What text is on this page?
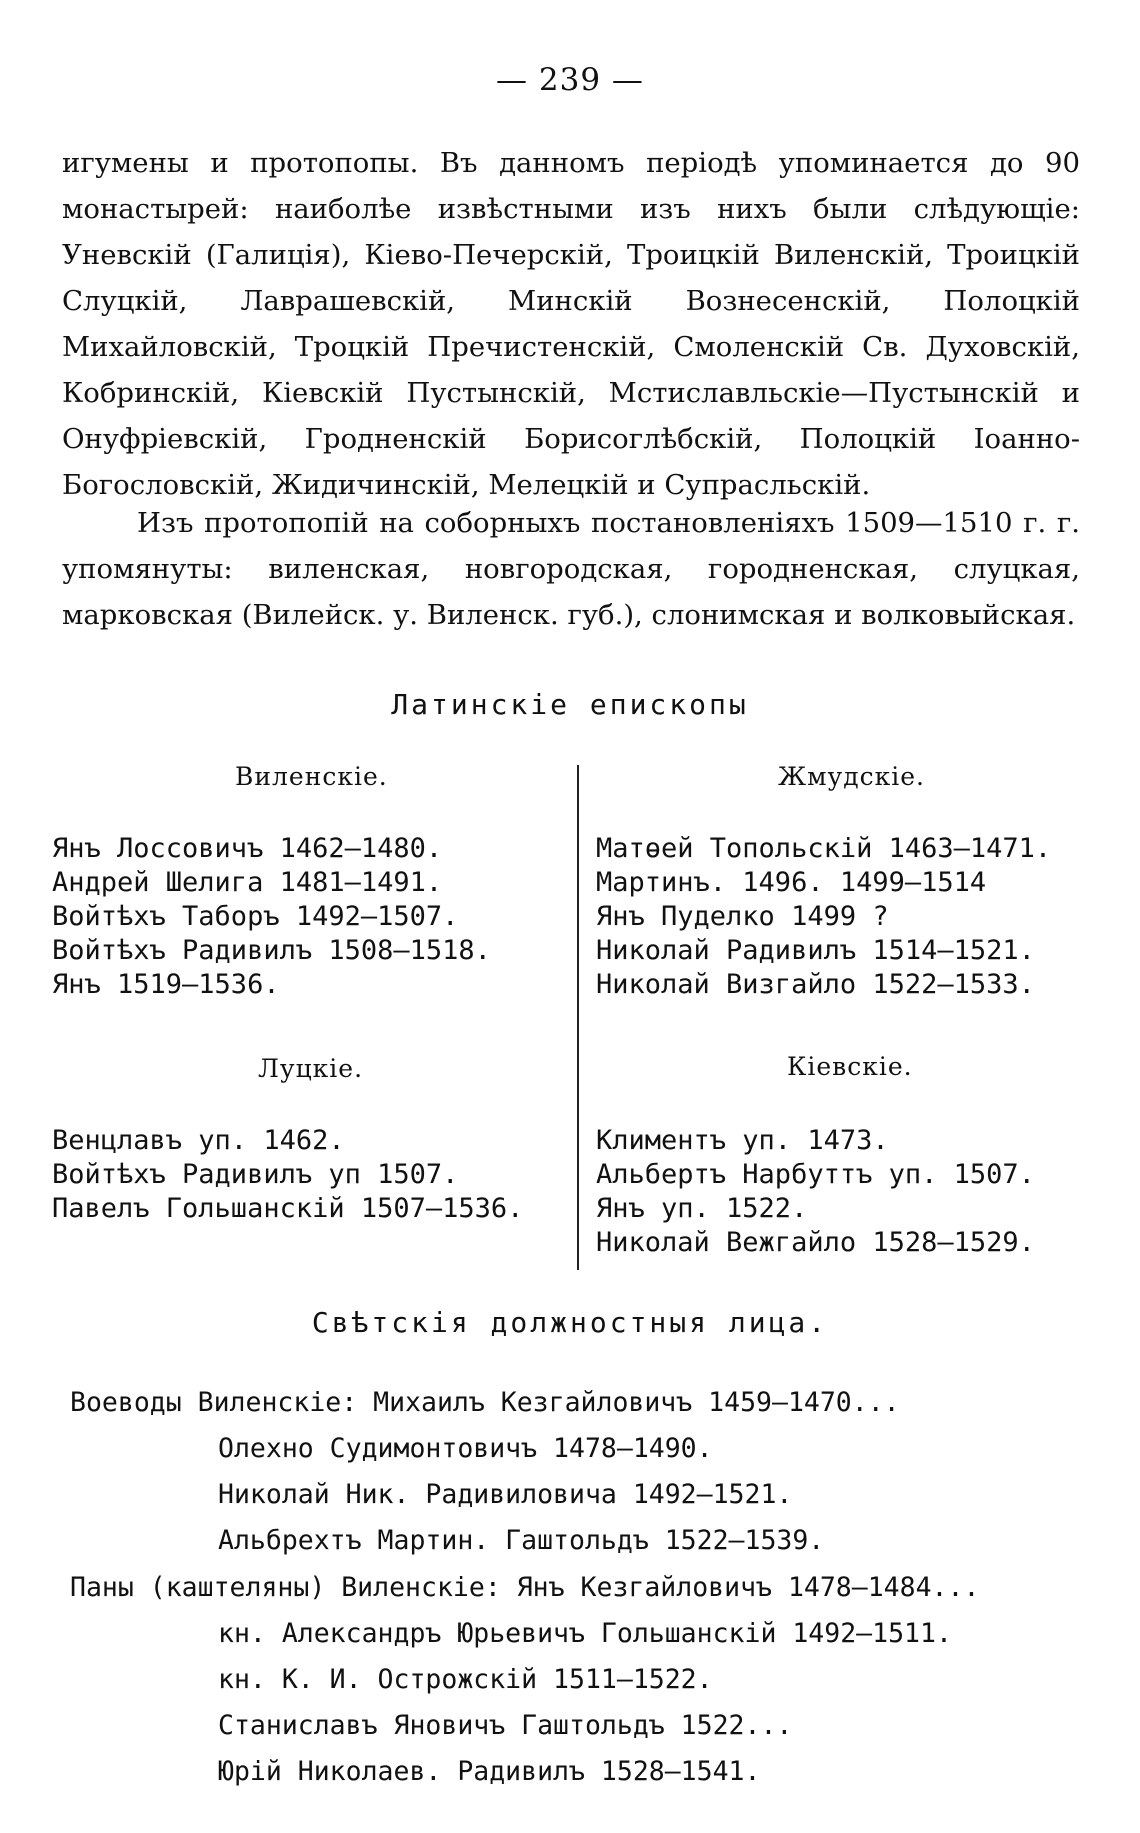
— 239 —

игумены и протопопы. Въ данномъ періодѣ упоминается до 90 монастырей: наиболѣе извѣстными изъ нихъ были слѣдующіе: Уневскій (Галиція), Кіево-Печерскій, Троицкій Виленскій, Троицкій Слуцкій, Лаврашевскій, Минскій Вознесенскій, Полоцкій Михайловскій, Троцкій Пречистенскій, Смоленскій Св. Духовскій, Кобринскій, Кіевскій Пустынскій, Мстиславльскіе—Пустынскій и Онуфріевскій, Гродненскій Борисоглѣбскій, Полоцкій Іоанно-Богословскій, Жидичинскій, Мелецкій и Супрасльскій.

Изъ протопопій на соборныхъ постановленіяхъ 1509—1510 г. г. упомянуты: виленская, новгородская, городненская, слуцкая, марковская (Вилейск. у. Виленск. губ.), слонимская и волковыйская.

Латинскіе епископы
Виленскіе.
Янъ Лоссовичъ 1462—1480.
Андрей Шелига 1481—1491.
Войтѣхъ Таборъ 1492—1507.
Войтѣхъ Радивилъ 1508—1518.
Янъ 1519—1536.
Луцкіе.
Венцлавъ уп. 1462.
Войтѣхъ Радивилъ уп 1507.
Павелъ Гольшанскій 1507—1536.
Жмудскіе.
Матѳей Топольскій 1463—1471.
Мартинъ. 1496. 1499—1514
Янъ Пуделко 1499 ?
Николай Радивилъ 1514—1521.
Николай Визгайло 1522—1533.
Кіевскіе.
Климентъ уп. 1473.
Альбертъ Нарбуттъ уп. 1507.
Янъ уп. 1522.
Николай Вежгайло 1528—1529.
Свѣтскія должностныя лица.
Воеводы Виленскіе: Михаилъ Кезгайловичъ 1459—1470...
Олехно Судимонтовичъ 1478—1490.
Николай Ник. Радивиловича 1492—1521.
Альбрехтъ Мартин. Гаштольдъ 1522—1539.
Паны (каштеляны) Виленскіе: Янъ Кезгайловичъ 1478—1484...
кн. Александръ Юрьевичъ Гольшанскій 1492—1511.
кн. К. И. Острожскій 1511—1522.
Станиславъ Яновичъ Гаштольдъ 1522...
Юрій Николаев. Радивилъ 1528—1541.
